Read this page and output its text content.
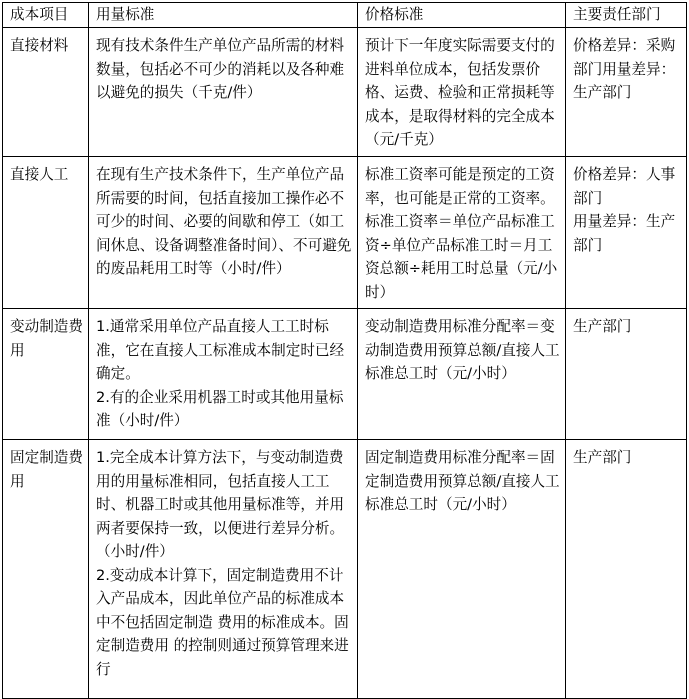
成本项目	用量标准	价格标准	主要责任部门
直接材料	现有技术条件生产单位产品所需的材料数量，包括必不可少的消耗以及各种难以避免的损失（千克/件）	预计下一年度实际需要支付的进料单位成本，包括发票价格、运费、检验和正常损耗等成本，是取得材料的完全成本（元/千克）	价格差异：采购部门用量差异：生产部门

直接人工	在现有生产技术条件下，生产单位产品所需要的时间，包括直接加工操作必不可少的时间、必要的间歇和停工（如工间休息、设备调整准备时间）、不可避免的废品耗用工时等（小时/件）	标准工资率可能是预定的工资率，也可能是正常的工资率。标准工资率＝单位产品标准工资÷单位产品标准工时＝月工资总额÷耗用工时总量（元/小时）	价格差异：人事部门
用量差异：生产部门

变动制造费用	1.通常采用单位产品直接人工工时标准，它在直接人工标准成本制定时已经确定。
2.有的企业采用机器工时或其他用量标准（小时/件）	变动制造费用标准分配率＝变动制造费用预算总额/直接人工标准总工时（元/小时）	生产部门

固定制造费用	1.完全成本计算方法下，与变动制造费用的用量标准相同，包括直接人工工时、机器工时或其他用量标准等，并用两者要保持一致，以便进行差异分析。（小时/件）
2.变动成本计算下，固定制造费用不计入产品成本，因此单位产品的标准成本中不包括固定制造 费用的标准成本。固定制造费用 的控制则通过预算管理来进行	固定制造费用标准分配率＝固 定制造费用预算总额/直接人工标准总工时（元/小时）	生产部门
